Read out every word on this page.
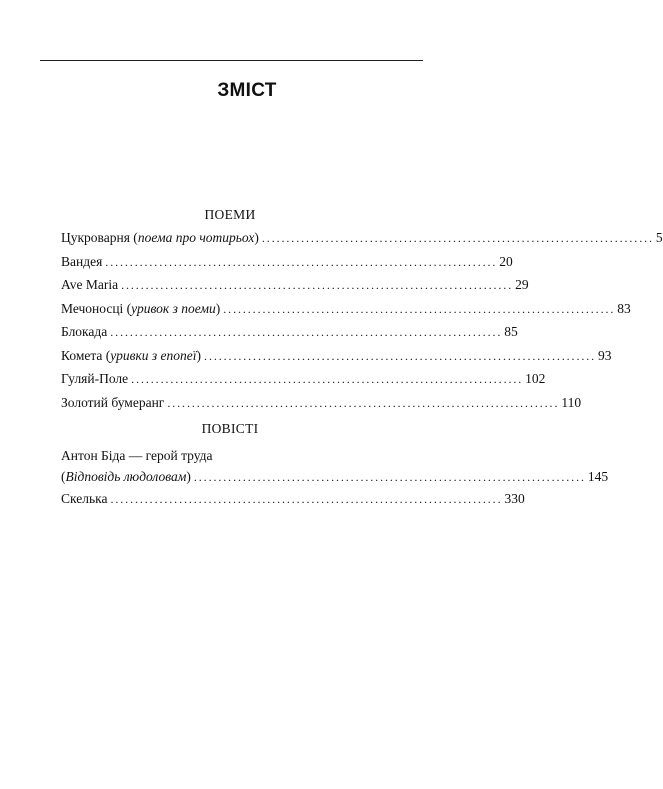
ЗМІСТ
ПОЕМИ
Цукроварня (поема про чотирьох) ................................................................................ 5
Вандея ................................................................................ 20
Ave Maria ................................................................................ 29
Мечоносці (уривок з поеми) ................................................................................ 83
Блокада ................................................................................ 85
Комета (уривки з епопеї) ................................................................................ 93
Гуляй-Поле ................................................................................ 102
Золотий бумеранг ................................................................................ 110
ПОВІСТІ
Антон Біда — герой труда
(Відповідь людоловам) ................................................................................ 145
Скелька ................................................................................ 330
